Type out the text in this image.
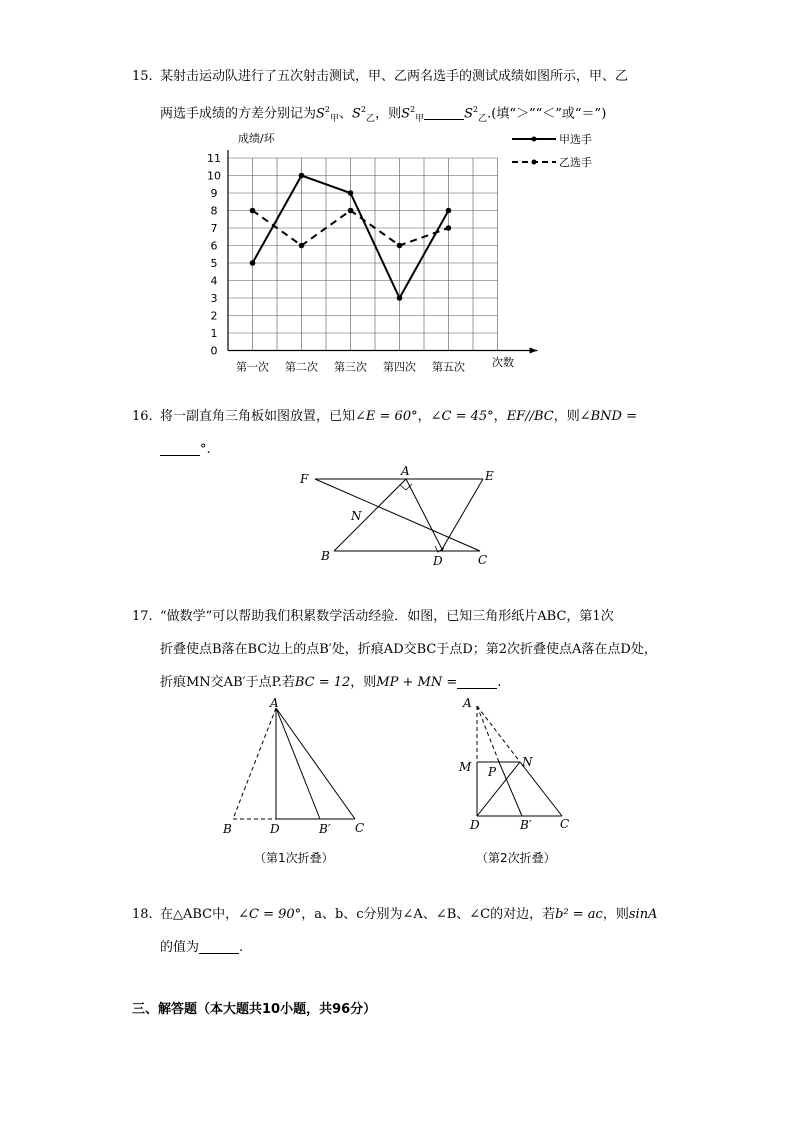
15. 某射击运动队进行了五次射击测试，甲、乙两名选手的测试成绩如图所示，甲、乙
两选手成绩的方差分别记为$S^2_甲$、$S^2_乙$，则$S^2_甲$	$S^2_乙$.(填“＞”“＜”或“＝”)
0
1
2
3
4
5
6
7
8
9
10
11
第一次 第二次 第三次 第四次 第五次
成绩/环
次数
甲选手
乙选手
16. 将一副直角三角板如图放置，已知∠E = 60°，∠C = 45°，EF//BC，则∠BND =
°.
F
A	E
N
B	D	C
17. “做数学”可以帮助我们积累数学活动经验．如图，已知三角形纸片ABC，第1次
折叠使点B落在BC边上的点B′处，折痕AD交BC于点D；第2次折叠使点A落在点D处，
折痕MN交AB′于点P.若BC = 12，则MP + MN =	.
A
B	D	B′ C
（第1次折叠）
A
M P
N
D	B′ C
（第2次折叠）
18. 在△ABC中，∠C = 90°，a、b、c分别为∠A、∠B、∠C的对边，若b² = ac，则sinA
的值为	.
三、解答题（本大题共10小题，共96分）
